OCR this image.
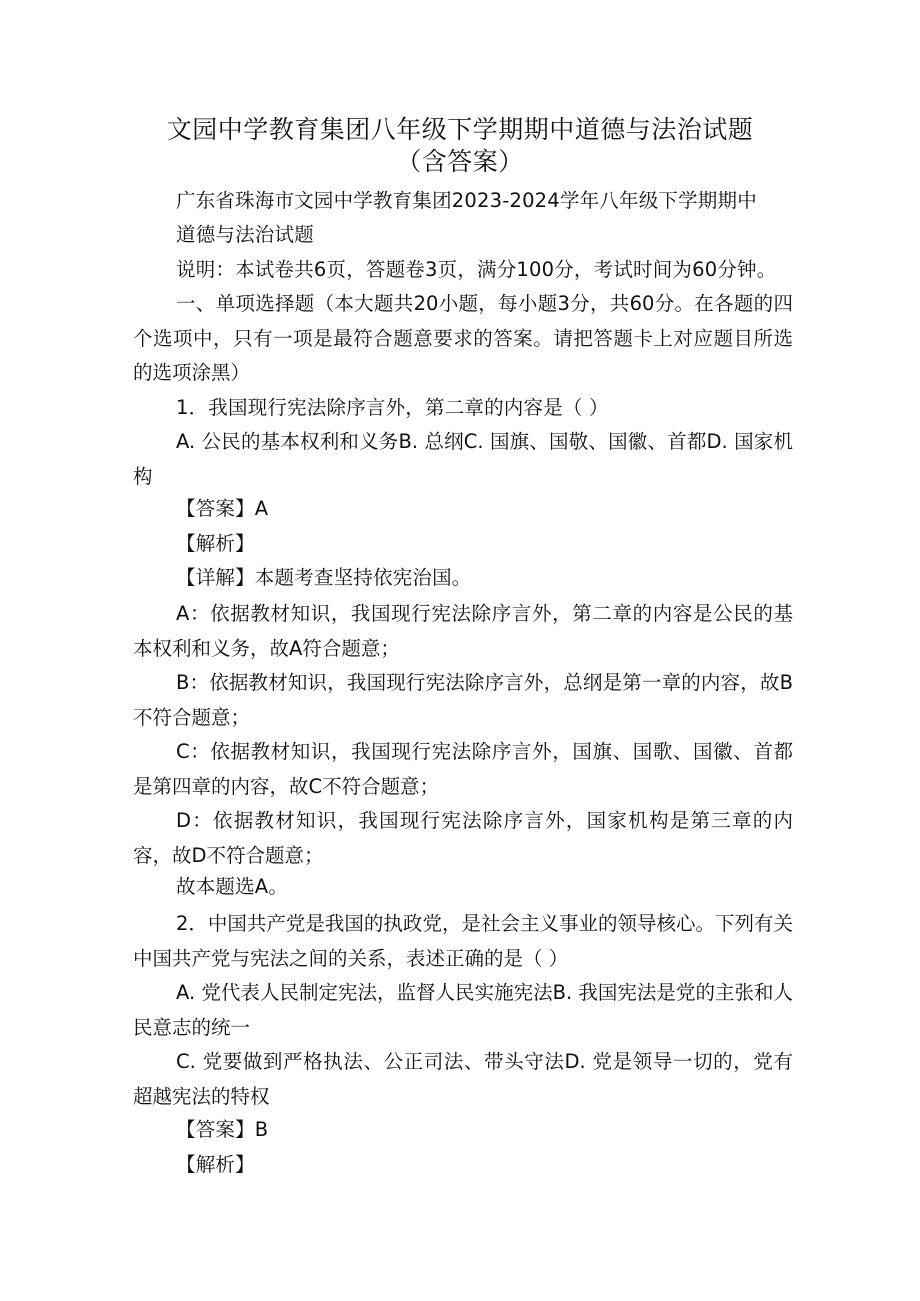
文园中学教育集团八年级下学期期中道德与法治试题
（含答案）
广东省珠海市文园中学教育集团2023-2024学年八年级下学期期中
道德与法治试题
说明：本试卷共6页，答题卷3页，满分100分，考试时间为60分钟。
一、单项选择题（本大题共20小题，每小题3分，共60分。在各题的四个选项中，只有一项是最符合题意要求的答案。请把答题卡上对应题目所选的选项涂黑）
1．我国现行宪法除序言外，第二章的内容是（ ）
A. 公民的基本权利和义务B. 总纲C. 国旗、国敬、国徽、首都D. 国家机构
【答案】A
【解析】
【详解】本题考查坚持依宪治国。
A：依据教材知识，我国现行宪法除序言外，第二章的内容是公民的基本权利和义务，故A符合题意；
B：依据教材知识，我国现行宪法除序言外，总纲是第一章的内容，故B不符合题意；
C：依据教材知识，我国现行宪法除序言外，国旗、国歌、国徽、首都是第四章的内容，故C不符合题意；
D：依据教材知识，我国现行宪法除序言外，国家机构是第三章的内容，故D不符合题意；
故本题选A。
2．中国共产党是我国的执政党，是社会主义事业的领导核心。下列有关中国共产党与宪法之间的关系，表述正确的是（ ）
A. 党代表人民制定宪法，监督人民实施宪法B. 我国宪法是党的主张和人民意志的统一
C. 党要做到严格执法、公正司法、带头守法D. 党是领导一切的，党有超越宪法的特权
【答案】B
【解析】
